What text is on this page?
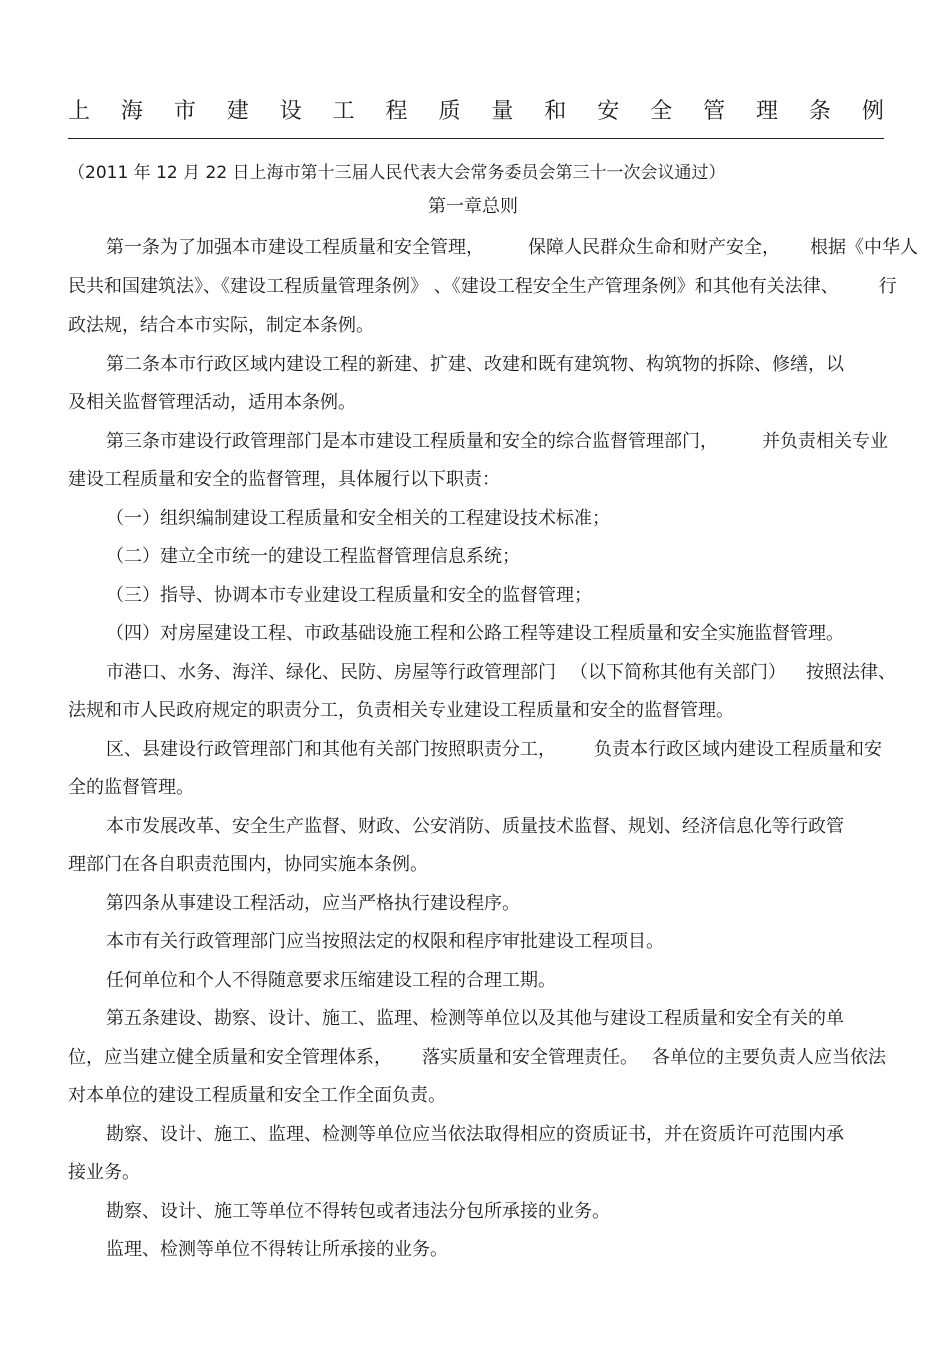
上 海 市 建 设 工 程 质 量 和 安 全 管 理 条 例
（2011 年 12 月 22 日上海市第十三届人民代表大会常务委员会第三十一次会议通过）
第一章总则
第一条为了加强本市建设工程质量和安全管理， 保障人民群众生命和财产安全， 根据《中华人
民共和国建筑法》、《建设工程质量管理条例》 、《建设工程安全生产管理条例》和其他有关法律、 行
政法规，结合本市实际，制定本条例。
第二条本市行政区域内建设工程的新建、扩建、改建和既有建筑物、构筑物的拆除、修缮，以
及相关监督管理活动，适用本条例。
第三条市建设行政管理部门是本市建设工程质量和安全的综合监督管理部门， 并负责相关专业
建设工程质量和安全的监督管理，具体履行以下职责：
（一）组织编制建设工程质量和安全相关的工程建设技术标准；
（二）建立全市统一的建设工程监督管理信息系统；
（三）指导、协调本市专业建设工程质量和安全的监督管理；
（四）对房屋建设工程、市政基础设施工程和公路工程等建设工程质量和安全实施监督管理。
市港口、水务、海洋、绿化、民防、房屋等行政管理部门 （以下简称其他有关部门） 按照法律、
法规和市人民政府规定的职责分工，负责相关专业建设工程质量和安全的监督管理。
区、县建设行政管理部门和其他有关部门按照职责分工， 负责本行政区域内建设工程质量和安
全的监督管理。
本市发展改革、安全生产监督、财政、公安消防、质量技术监督、规划、经济信息化等行政管
理部门在各自职责范围内，协同实施本条例。
第四条从事建设工程活动，应当严格执行建设程序。
本市有关行政管理部门应当按照法定的权限和程序审批建设工程项目。
任何单位和个人不得随意要求压缩建设工程的合理工期。
第五条建设、勘察、设计、施工、监理、检测等单位以及其他与建设工程质量和安全有关的单
位，应当建立健全质量和安全管理体系， 落实质量和安全管理责任。 各单位的主要负责人应当依法
对本单位的建设工程质量和安全工作全面负责。
勘察、设计、施工、监理、检测等单位应当依法取得相应的资质证书，并在资质许可范围内承
接业务。
勘察、设计、施工等单位不得转包或者违法分包所承接的业务。
监理、检测等单位不得转让所承接的业务。
